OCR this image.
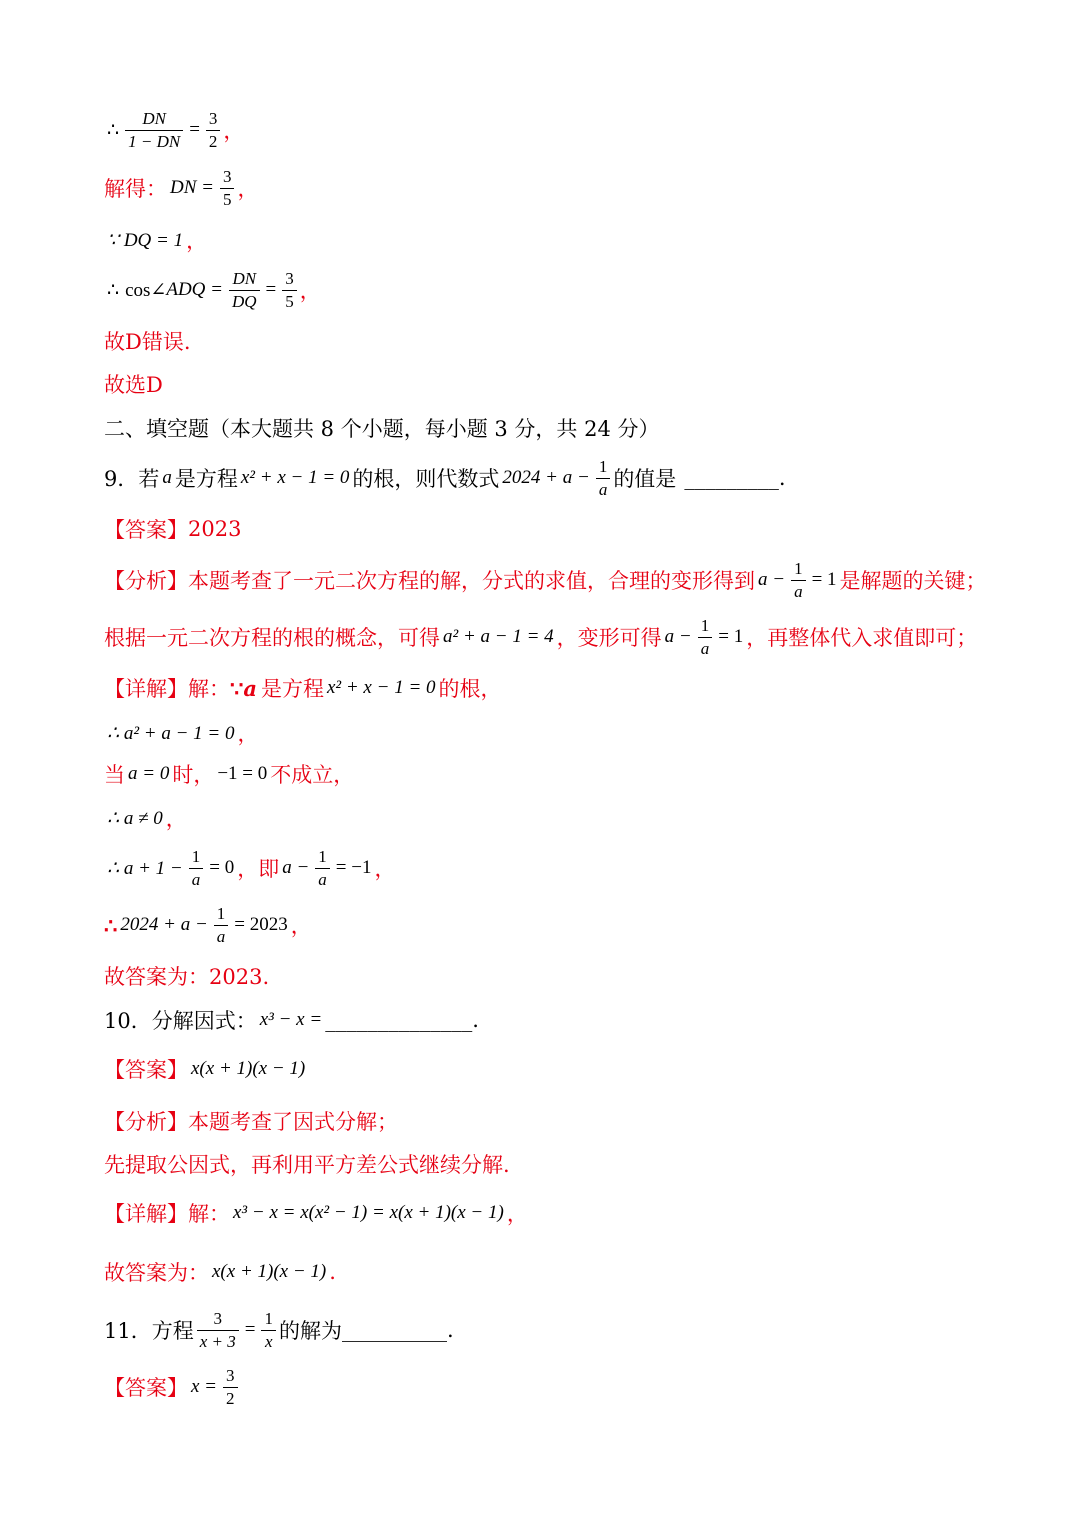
∴ $\frac{DN}{1 - DN} = \frac{3}{2}$ ，
解得： DN = $\frac{3}{5}$ ，
∵ DQ = 1 ，
∴ cos∠ ADQ = $\frac{DN}{DQ} = \frac{3}{5}$ ，
故D错误.
故选D
二、填空题（本大题共 8 个小题，每小题 3 分，共 24 分）
9．若 a 是方程 x² + x − 1 = 0 的根，则代数式 $2024 + a - \frac{1}{a}$ 的值是 _________ .
【答案】 2023
【分析】 本题考查了一元二次方程的解，分式的求值，合理的变形得到 $a - \frac{1}{a} = 1$ 是解题的关键；
根据一元二次方程的根的概念，可得 a² + a − 1 = 4 ，变形可得 $a - \frac{1}{a} = 1$ ，再整体代入求值即可；
【详解】 解： ∵ a 是方程 x² + x − 1 = 0 的根，
∴ a² + a − 1 = 0 ，
当 a = 0 时， −1 = 0 不成立，
∴ a ≠ 0 ，
∴ $a + 1 - \frac{1}{a} = 0$ ，即 $a - \frac{1}{a} = -1$ ，
∴ $2024 + a - \frac{1}{a} = 2023$ ，
故答案为：2023.
10．分解因式： x³ − x = ______________ .
【答案】 x(x + 1)(x − 1)
【分析】 本题考查了因式分解；
先提取公因式，再利用平方差公式继续分解.
【详解】 解： x³ − x = x(x² − 1) = x(x + 1)(x − 1) ，
故答案为： x(x + 1)(x − 1) .
11．方程 $\frac{3}{x + 3} = \frac{1}{x}$ 的解为 __________ .
【答案】 $x = \frac{3}{2}$
